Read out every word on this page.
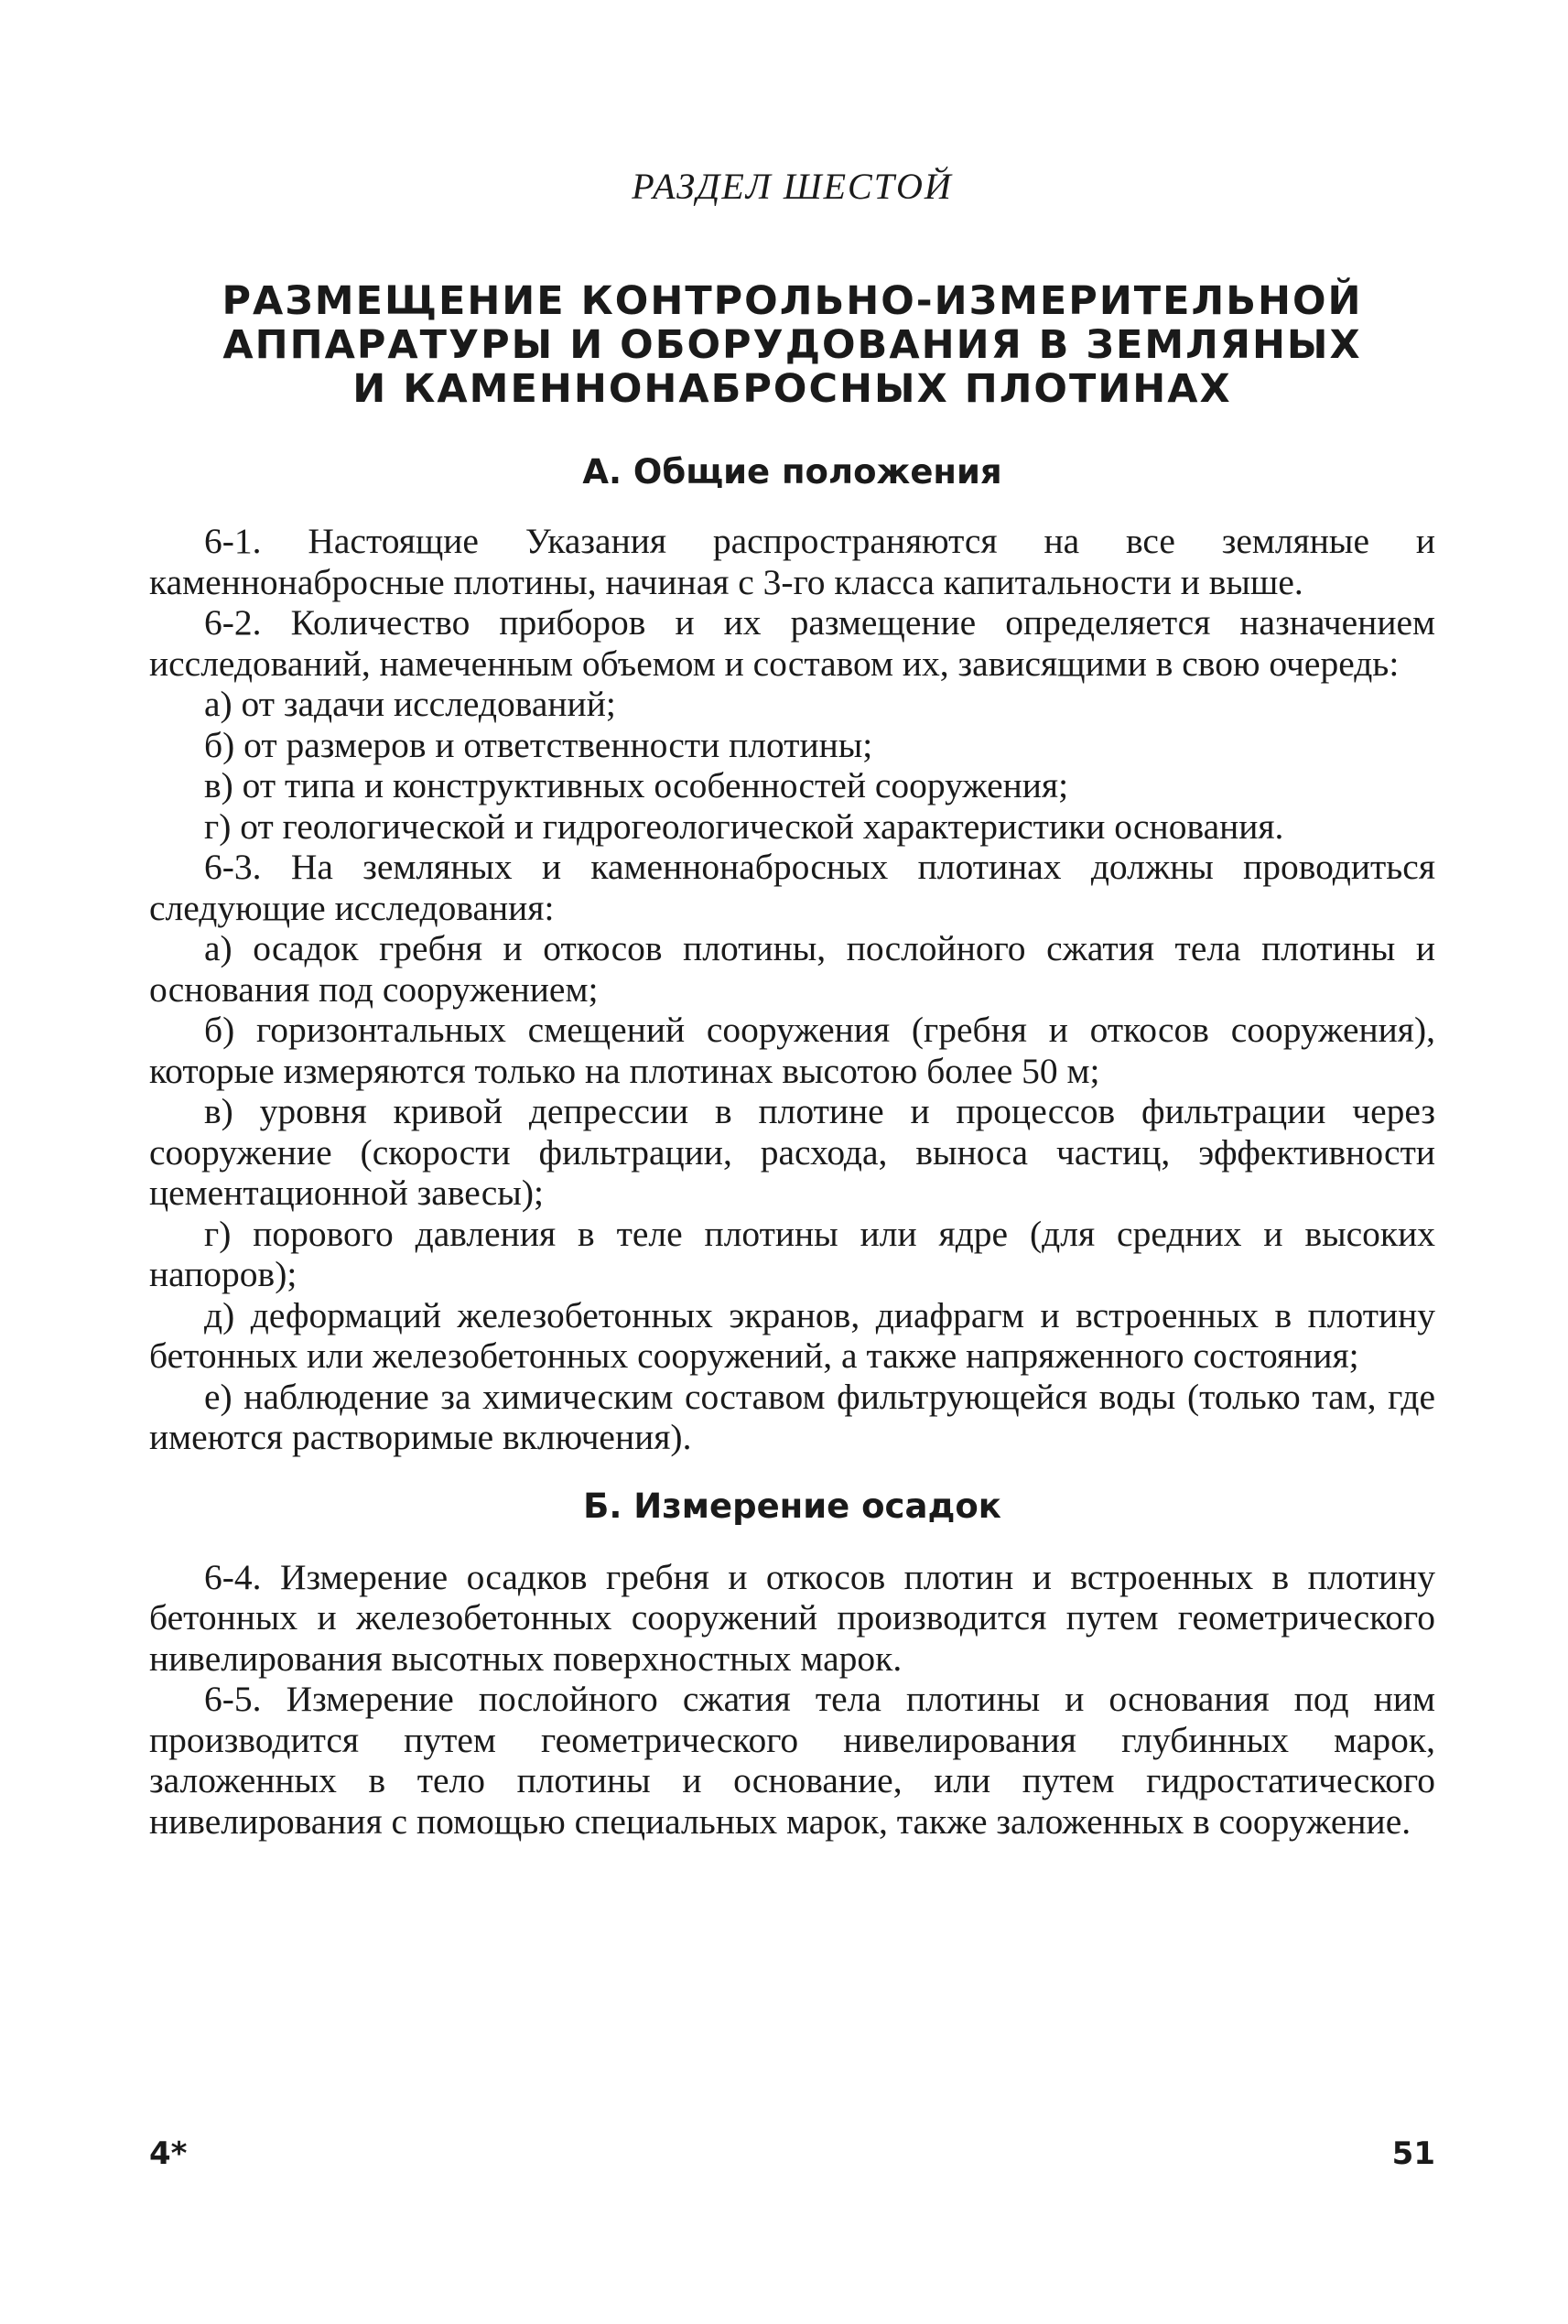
РАЗДЕЛ ШЕСТОЙ
РАЗМЕЩЕНИЕ КОНТРОЛЬНО-ИЗМЕРИТЕЛЬНОЙ
АППАРАТУРЫ И ОБОРУДОВАНИЯ В ЗЕМЛЯНЫХ
И КАМЕННОНАБРОСНЫХ ПЛОТИНАХ
А. Общие положения

6-1. Настоящие Указания распространяются на все земляные и каменнонабросные плотины, начиная с 3-го класса капитальности и выше.

6-2. Количество приборов и их размещение определяется назначением исследований, намеченным объемом и составом их, зависящими в свою очередь:

а) от задачи исследований;

б) от размеров и ответственности плотины;

в) от типа и конструктивных особенностей сооружения;

г) от геологической и гидрогеологической характеристики основания.

6-3. На земляных и каменнонабросных плотинах должны проводиться следующие исследования:

а) осадок гребня и откосов плотины, послойного сжатия тела плотины и основания под сооружением;

б) горизонтальных смещений сооружения (гребня и откосов сооружения), которые измеряются только на плотинах высотою более 50 м;

в) уровня кривой депрессии в плотине и процессов фильтрации через сооружение (скорости фильтрации, расхода, выноса частиц, эффективности цементационной завесы);

г) порового давления в теле плотины или ядре (для средних и высоких напоров);

д) деформаций железобетонных экранов, диафрагм и встроенных в плотину бетонных или железобетонных сооружений, а также напряженного состояния;

е) наблюдение за химическим составом фильтрующейся воды (только там, где имеются растворимые включения).

Б. Измерение осадок

6-4. Измерение осадков гребня и откосов плотин и встроенных в плотину бетонных и железобетонных сооружений производится путем геометрического нивелирования высотных поверхностных марок.

6-5. Измерение послойного сжатия тела плотины и основания под ним производится путем геометрического нивелирования глубинных марок, заложенных в тело плотины и основание, или путем гидростатического нивелирования с помощью специальных марок, также заложенных в сооружение.

4*	51
